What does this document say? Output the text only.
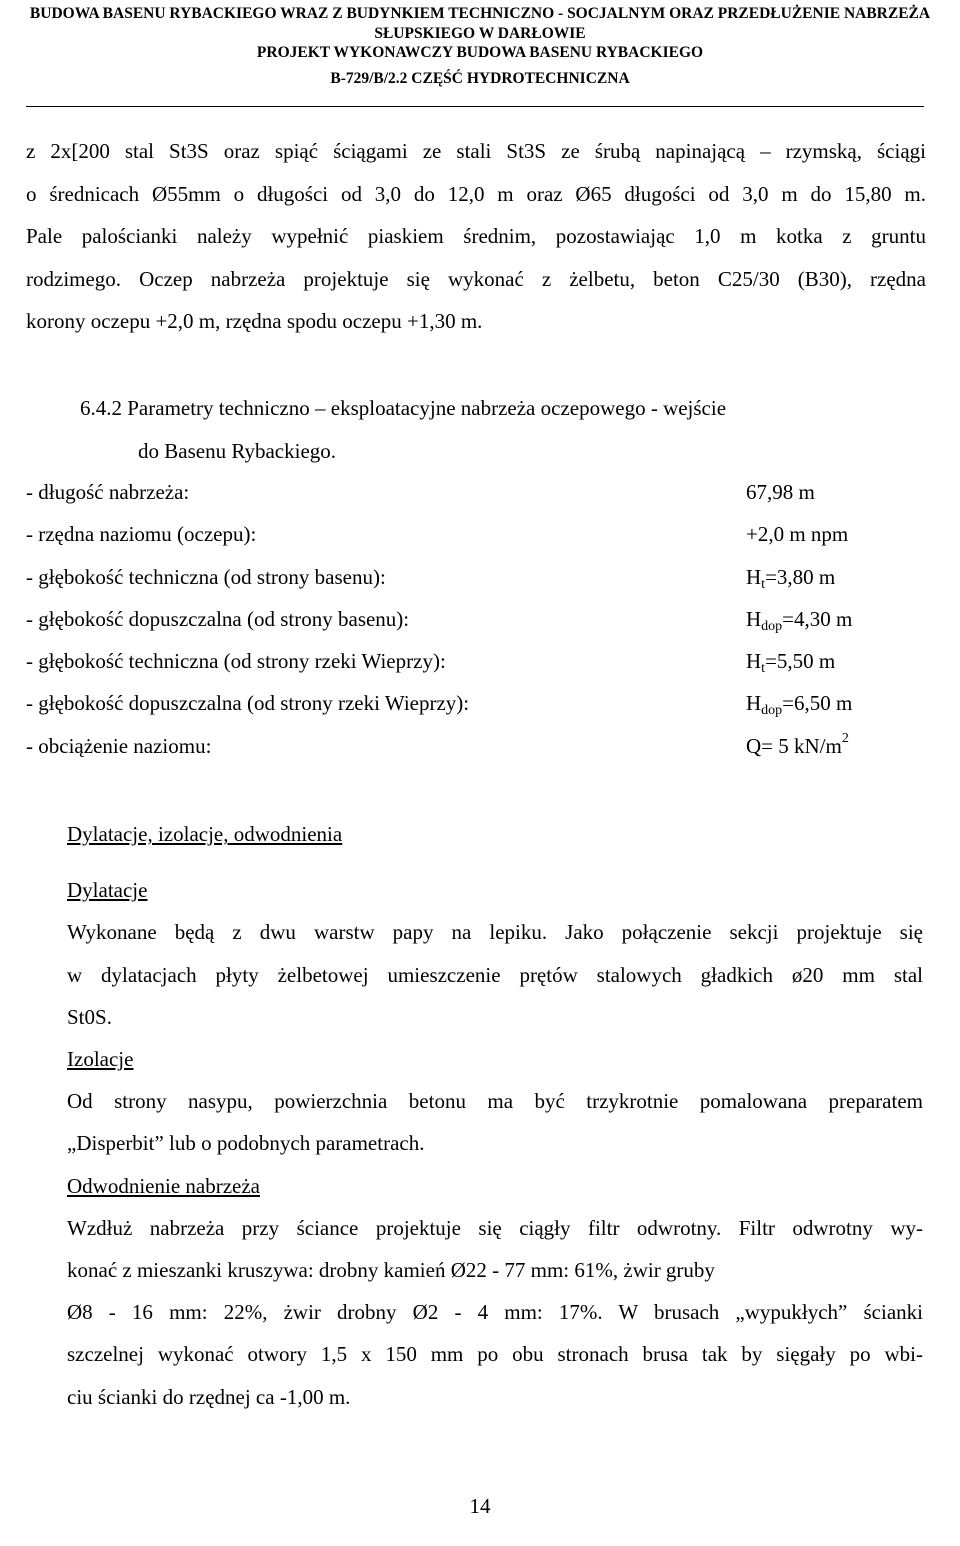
BUDOWA BASENU RYBACKIEGO WRAZ Z BUDYNKIEM TECHNICZNO - SOCJALNYM ORAZ PRZEDŁUŻENIE NABRZEŻA
SŁUPSKIEGO W DARŁOWIE
PROJEKT WYKONAWCZY BUDOWA BASENU RYBACKIEGO
B-729/B/2.2 CZĘŚĆ HYDROTECHNICZNA
z 2x[200 stal St3S oraz spiąć ściągami ze stali St3S ze śrubą napinającą – rzymską, ściągi
o średnicach Ø55mm o długości od 3,0 do 12,0 m oraz Ø65 długości od 3,0 m do 15,80 m.
Pale palościanki należy wypełnić piaskiem średnim, pozostawiając 1,0 m kotka z gruntu
rodzimego. Oczep nabrzeża projektuje się wykonać z żelbetu, beton C25/30 (B30), rzędna
korony oczepu +2,0 m, rzędna spodu oczepu +1,30 m.
6.4.2 Parametry techniczno – eksploatacyjne nabrzeża oczepowego - wejście
do Basenu Rybackiego.
- długość nabrzeża:	67,98 m
- rzędna naziomu (oczepu):	+2,0 m npm
- głębokość techniczna (od strony basenu):	$H_t=3,80$ m
- głębokość dopuszczalna (od strony basenu):	$H_{dop}=4,30$ m
- głębokość techniczna (od strony rzeki Wieprzy):	$H_t=5,50$ m
- głębokość dopuszczalna (od strony rzeki Wieprzy):	$H_{dop}=6,50$ m
- obciążenie naziomu:	Q= 5 $kN/m^2$
Dylatacje, izolacje, odwodnienia
Dylatacje
Wykonane będą z dwu warstw papy na lepiku. Jako połączenie sekcji projektuje się
w dylatacjach płyty żelbetowej umieszczenie prętów stalowych gładkich ø20 mm stal
St0S.
Izolacje
Od strony nasypu, powierzchnia betonu ma być trzykrotnie pomalowana preparatem
„Disperbit” lub o podobnych parametrach.
Odwodnienie nabrzeża
Wzdłuż nabrzeża przy ściance projektuje się ciągły filtr odwrotny. Filtr odwrotny wy-
konać z mieszanki kruszywa: drobny kamień Ø22 - 77 mm: 61%, żwir gruby
Ø8 - 16 mm: 22%, żwir drobny Ø2 - 4 mm: 17%. W brusach „wypukłych” ścianki
szczelnej wykonać otwory 1,5 x 150 mm po obu stronach brusa tak by sięgały po wbi-
ciu ścianki do rzędnej ca -1,00 m.
14
